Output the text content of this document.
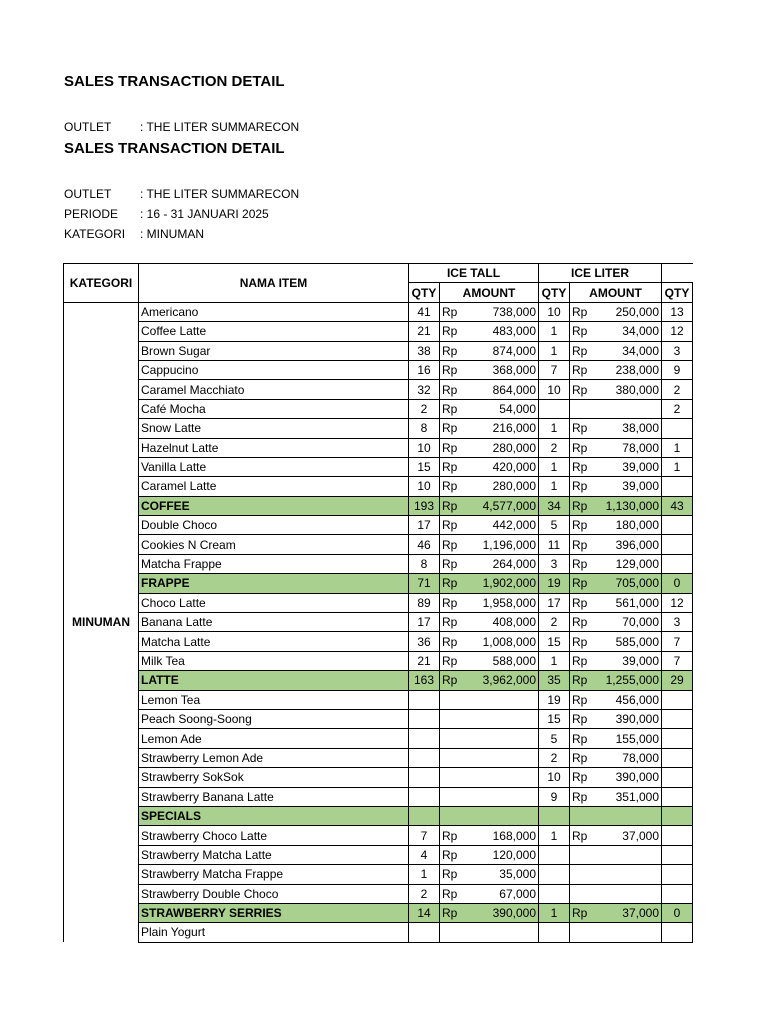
SALES TRANSACTION DETAIL
OUTLET : THE LITER SUMMARECON
SALES TRANSACTION DETAIL
OUTLET : THE LITER SUMMARECON
PERIODE : 16 - 31 JANUARI 2025
KATEGORI : MINUMAN
KATEGORI	NAMA ITEM	ICE TALL			ICE LITER			
		QTY	AMOUNT		QTY	AMOUNT		QTY
MINUMAN	Americano	41	Rp	738,000	10	Rp	250,000	13
	Coffee Latte	21	Rp	483,000	1	Rp	34,000	12
	Brown Sugar	38	Rp	874,000	1	Rp	34,000	3
	Cappucino	16	Rp	368,000	7	Rp	238,000	9
	Caramel Macchiato	32	Rp	864,000	10	Rp	380,000	2
	Café Mocha	2	Rp	54,000				2
	Snow Latte	8	Rp	216,000	1	Rp	38,000	
	Hazelnut Latte	10	Rp	280,000	2	Rp	78,000	1
	Vanilla Latte	15	Rp	420,000	1	Rp	39,000	1
	Caramel Latte	10	Rp	280,000	1	Rp	39,000	
	COFFEE	193	Rp	4,577,000	34	Rp	1,130,000	43
	Double Choco	17	Rp	442,000	5	Rp	180,000	
	Cookies N Cream	46	Rp	1,196,000	11	Rp	396,000	
	Matcha Frappe	8	Rp	264,000	3	Rp	129,000	
	FRAPPE	71	Rp	1,902,000	19	Rp	705,000	0
	Choco Latte	89	Rp	1,958,000	17	Rp	561,000	12
	Banana Latte	17	Rp	408,000	2	Rp	70,000	3
	Matcha Latte	36	Rp	1,008,000	15	Rp	585,000	7
	Milk Tea	21	Rp	588,000	1	Rp	39,000	7
	LATTE	163	Rp	3,962,000	35	Rp	1,255,000	29
	Lemon Tea				19	Rp	456,000	
	Peach Soong-Soong				15	Rp	390,000	
	Lemon Ade				5	Rp	155,000	
	Strawberry Lemon Ade				2	Rp	78,000	
	Strawberry SokSok				10	Rp	390,000	
	Strawberry Banana Latte				9	Rp	351,000	
	SPECIALS							
	Strawberry Choco Latte	7	Rp	168,000	1	Rp	37,000	
	Strawberry Matcha Latte	4	Rp	120,000				
	Strawberry Matcha Frappe	1	Rp	35,000				
	Strawberry Double Choco	2	Rp	67,000				
	STRAWBERRY SERRIES	14	Rp	390,000	1	Rp	37,000	0
	Plain Yogurt							
